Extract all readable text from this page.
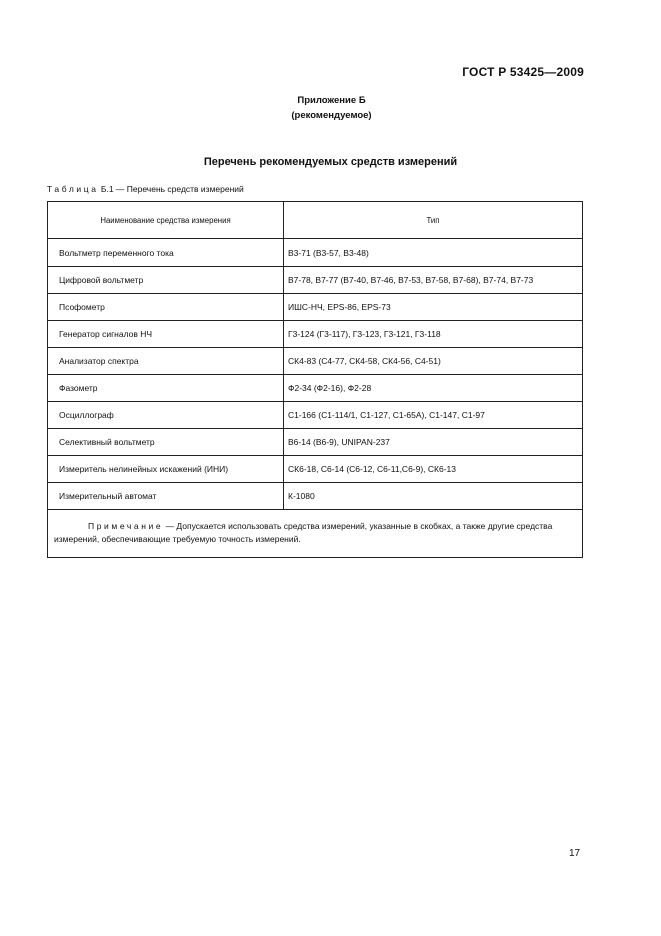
ГОСТ Р 53425—2009
Приложение Б
(рекомендуемое)
Перечень рекомендуемых средств измерений
Таблица Б.1 — Перечень средств измерений
Наименование средства измерения	Тип
Вольтметр переменного тока	В3-71 (В3-57, В3-48)
Цифровой вольтметр	В7-78, В7-77 (В7-40, В7-46, В7-53, В7-58, В7-68), В7-74, В7-73
Псофометр	ИШС-НЧ, EPS-86, EPS-73
Генератор сигналов НЧ	Г3-124 (Г3-117), Г3-123, Г3-121, Г3-118
Анализатор спектра	СК4-83 (С4-77, СК4-58, СК4-56, С4-51)
Фазометр	Ф2-34 (Ф2-16), Ф2-28
Осциллограф	С1-166 (С1-114/1, С1-127, С1-65А), С1-147, С1-97
Селективный вольтметр	В6-14 (В6-9), UNIPAN-237
Измеритель нелинейных искажений (ИНИ)	СК6-18, С6-14 (С6-12, С6-11,С6-9), СК6-13
Измерительный автомат	К-1080
Примечание — Допускается использовать средства измерений, указанные в скобках, а также другие средства измерений, обеспечивающие требуемую точность измерений.	
17
